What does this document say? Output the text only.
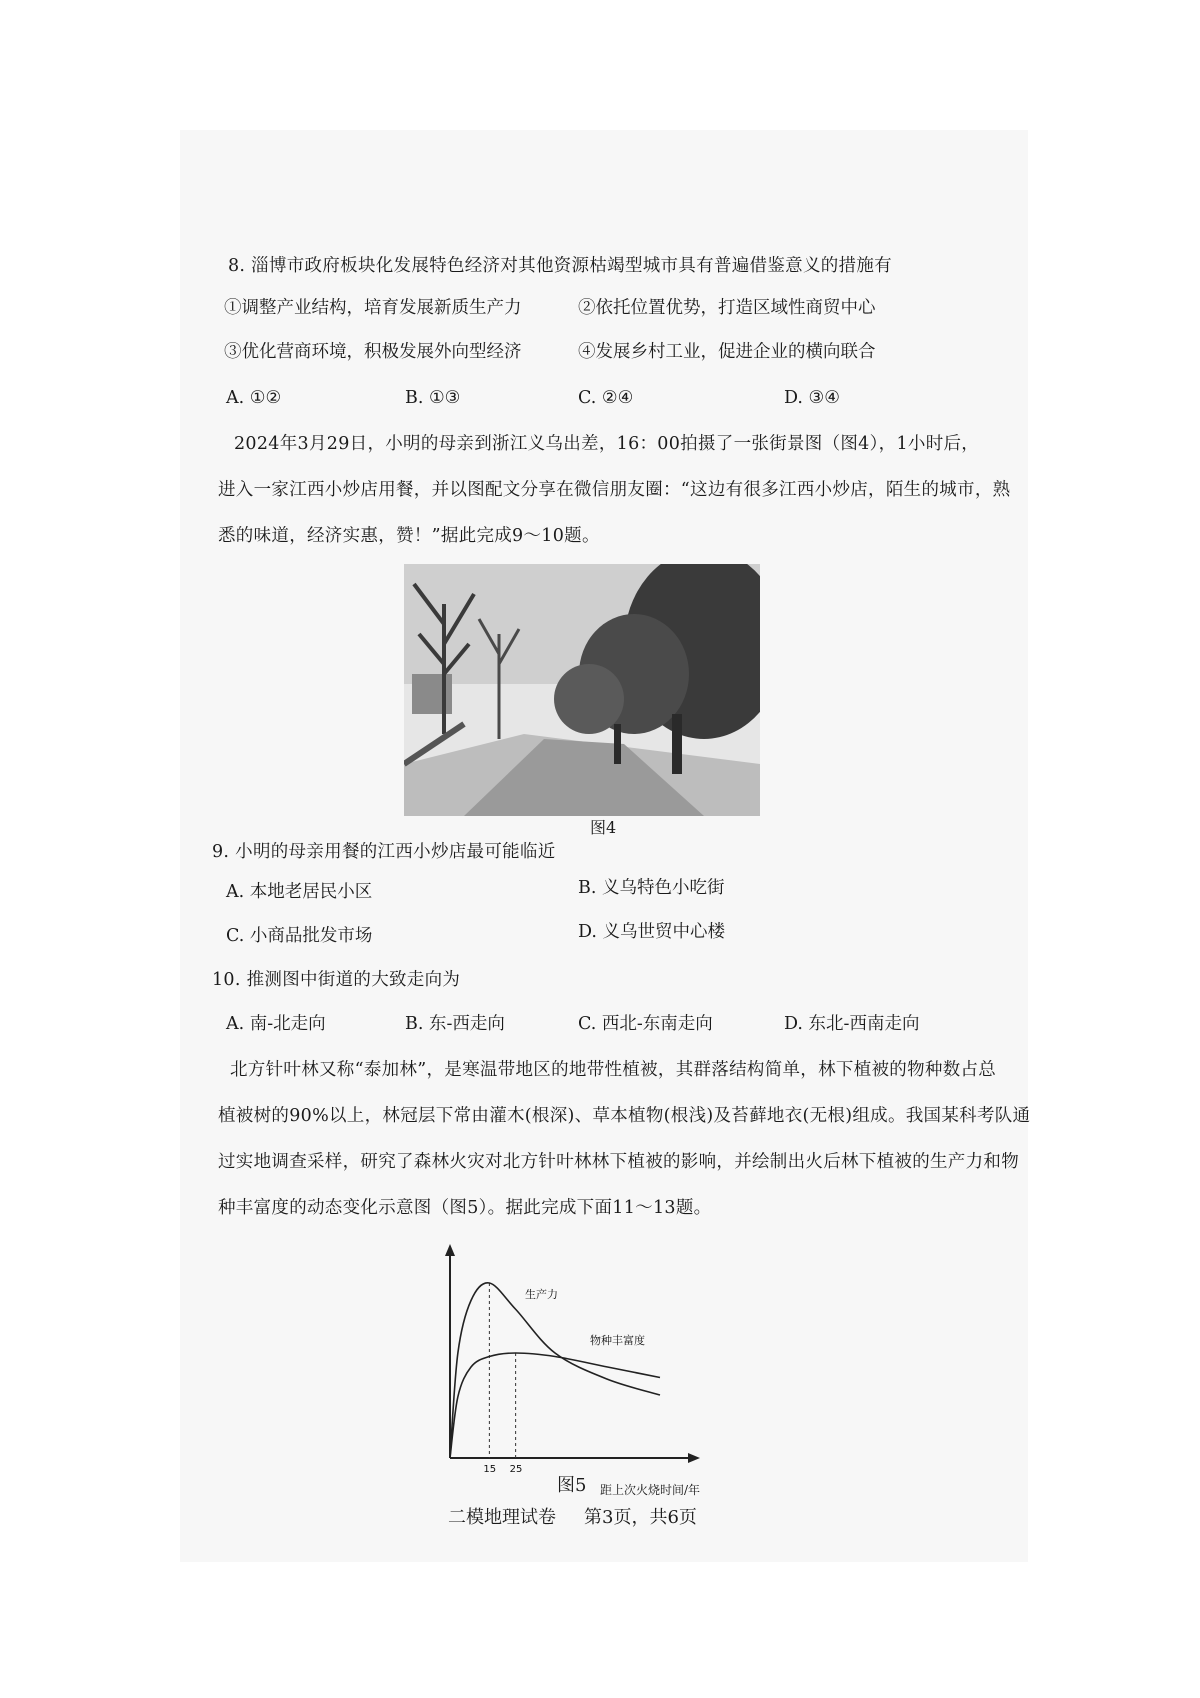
8. 淄博市政府板块化发展特色经济对其他资源枯竭型城市具有普遍借鉴意义的措施有
①调整产业结构，培育发展新质生产力	②依托位置优势，打造区域性商贸中心
③优化营商环境，积极发展外向型经济	④发展乡村工业，促进企业的横向联合
A. ①②	B. ①③	C. ②④	D. ③④
2024年3月29日，小明的母亲到浙江义乌出差，16：00拍摄了一张街景图（图4），1小时后，
进入一家江西小炒店用餐，并以图配文分享在微信朋友圈：“这边有很多江西小炒店，陌生的城市，熟
悉的味道，经济实惠，赞！”据此完成9～10题。
图4
9. 小明的母亲用餐的江西小炒店最可能临近
A. 本地老居民小区	B. 义乌特色小吃街
C. 小商品批发市场	D. 义乌世贸中心楼
10. 推测图中街道的大致走向为
A. 南-北走向	B. 东-西走向	C. 西北-东南走向	D. 东北-西南走向
北方针叶林又称“泰加林”，是寒温带地区的地带性植被，其群落结构简单，林下植被的物种数占总
植被树的90%以上，林冠层下常由灌木(根深)、草本植物(根浅)及苔藓地衣(无根)组成。我国某科考队通
过实地调查采样，研究了森林火灾对北方针叶林林下植被的影响，并绘制出火后林下植被的生产力和物
种丰富度的动态变化示意图（图5）。据此完成下面11～13题。
15 25
生产力
物种丰富度
距上次火烧时间/年
图5
二模地理试卷 第3页，共6页
